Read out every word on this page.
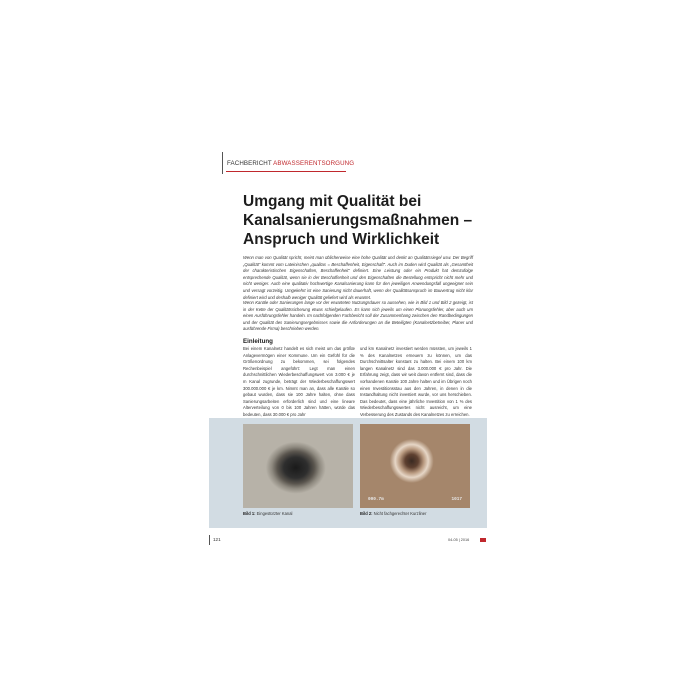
FACHBERICHT ABWASSERENTSORGUNG
Umgang mit Qualität bei Kanalsanierungsmaßnahmen – Anspruch und Wirklichkeit

Wenn man von Qualität spricht, meint man üblicherweise eine hohe Qualität und denkt an Qualitätssiegel usw. Der Begriff „Qualität“ kommt vom Lateinischen „qualitas = Beschaffenheit, Eigenschaft“. Auch im Duden wird Qualität als „Gesamtheit der charakteristischen Eigenschaften, Beschaffenheit“ definiert. Eine Leistung oder ein Produkt hat demzufolge entsprechende Qualität, wenn sie in der Beschaffenheit und den Eigenschaften die Bestellung entspricht nicht mehr und nicht weniger. Auch eine qualitativ hochwertige Kanalsanierung kann für den jeweiligen Anwendungsfall ungeeignet sein und versagt vorzeitig. Umgekehrt ist eine Sanierung nicht dauerhaft, wenn der Qualitätsanspruch im Bauvertrag nicht klar definiert wird und deshalb weniger Qualität geliefert wird als erwartet.

Wenn Kanäle oder Sanierungen lange vor der erwarteten Nutzungsdauer so aussehen, wie in Bild 1 und Bild 2 gezeigt, ist in der Kette der Qualitätssicherung etwas schiefgelaufen. Es kann sich jeweils um einen Planungsfehler, aber auch um einen Ausführungsfehler handeln. Im nachfolgenden Fachbericht soll der Zusammenhang zwischen den Randbedingungen und der Qualität des Sanierungsergebnisses sowie die Anforderungen an die Beteiligten (Kanalnetzbetreiber, Planer und ausführende Firma) beschrieben werden.

Einleitung

Bei einem Kanalnetz handelt es sich meist um das größte Anlagevermögen einer Kommune. Um ein Gefühl für die Größenordnung zu bekommen, sei folgendes Rechenbeispiel angeführt: Legt man einen durchschnittlichen Wiederbeschaffungswert von 3.000 € je m Kanal zugrunde, beträgt der Wiederbeschaffungswert 300.000.000 € je km. Nimmt man an, dass alle Kanäle so gebaut wurden, dass sie 100 Jahre halten, ohne dass Sanierungsarbeiten erforderlich sind und eine lineare Alterverteilung von 0 bis 100 Jahren hätten, würde das bedeuten, dass 30.000 € pro Jahr

und km Kanalnetz investiert werden müssten, um jeweils 1 % des Kanalnetzes erneuern zu können, um das Durchschnittsalter konstant zu halten. Bei einem 100 km langen Kanalnetz sind das 3.000.000 € pro Jahr. Die Erfahrung zeigt, dass wir weit davon entfernt sind, dass die vorhandenen Kanäle 100 Jahre halten und im Übrigen noch einen Investitionsstau aus den Jahren, in denen in die Instandhaltung nicht investiert wurde, vor uns herschieben. Das bedeutet, dass eine jährliche Investition von 1 % des Wiederbeschaffungswertes nicht ausreicht, um eine Verbesserung des Zustands des Kanalnetzes zu erreichen.

000.7m	1017
Bild 1: Eingestürzter Kanal	Bild 2: Nicht fachgerechter Kurzliner
121	04-05 | 2016
